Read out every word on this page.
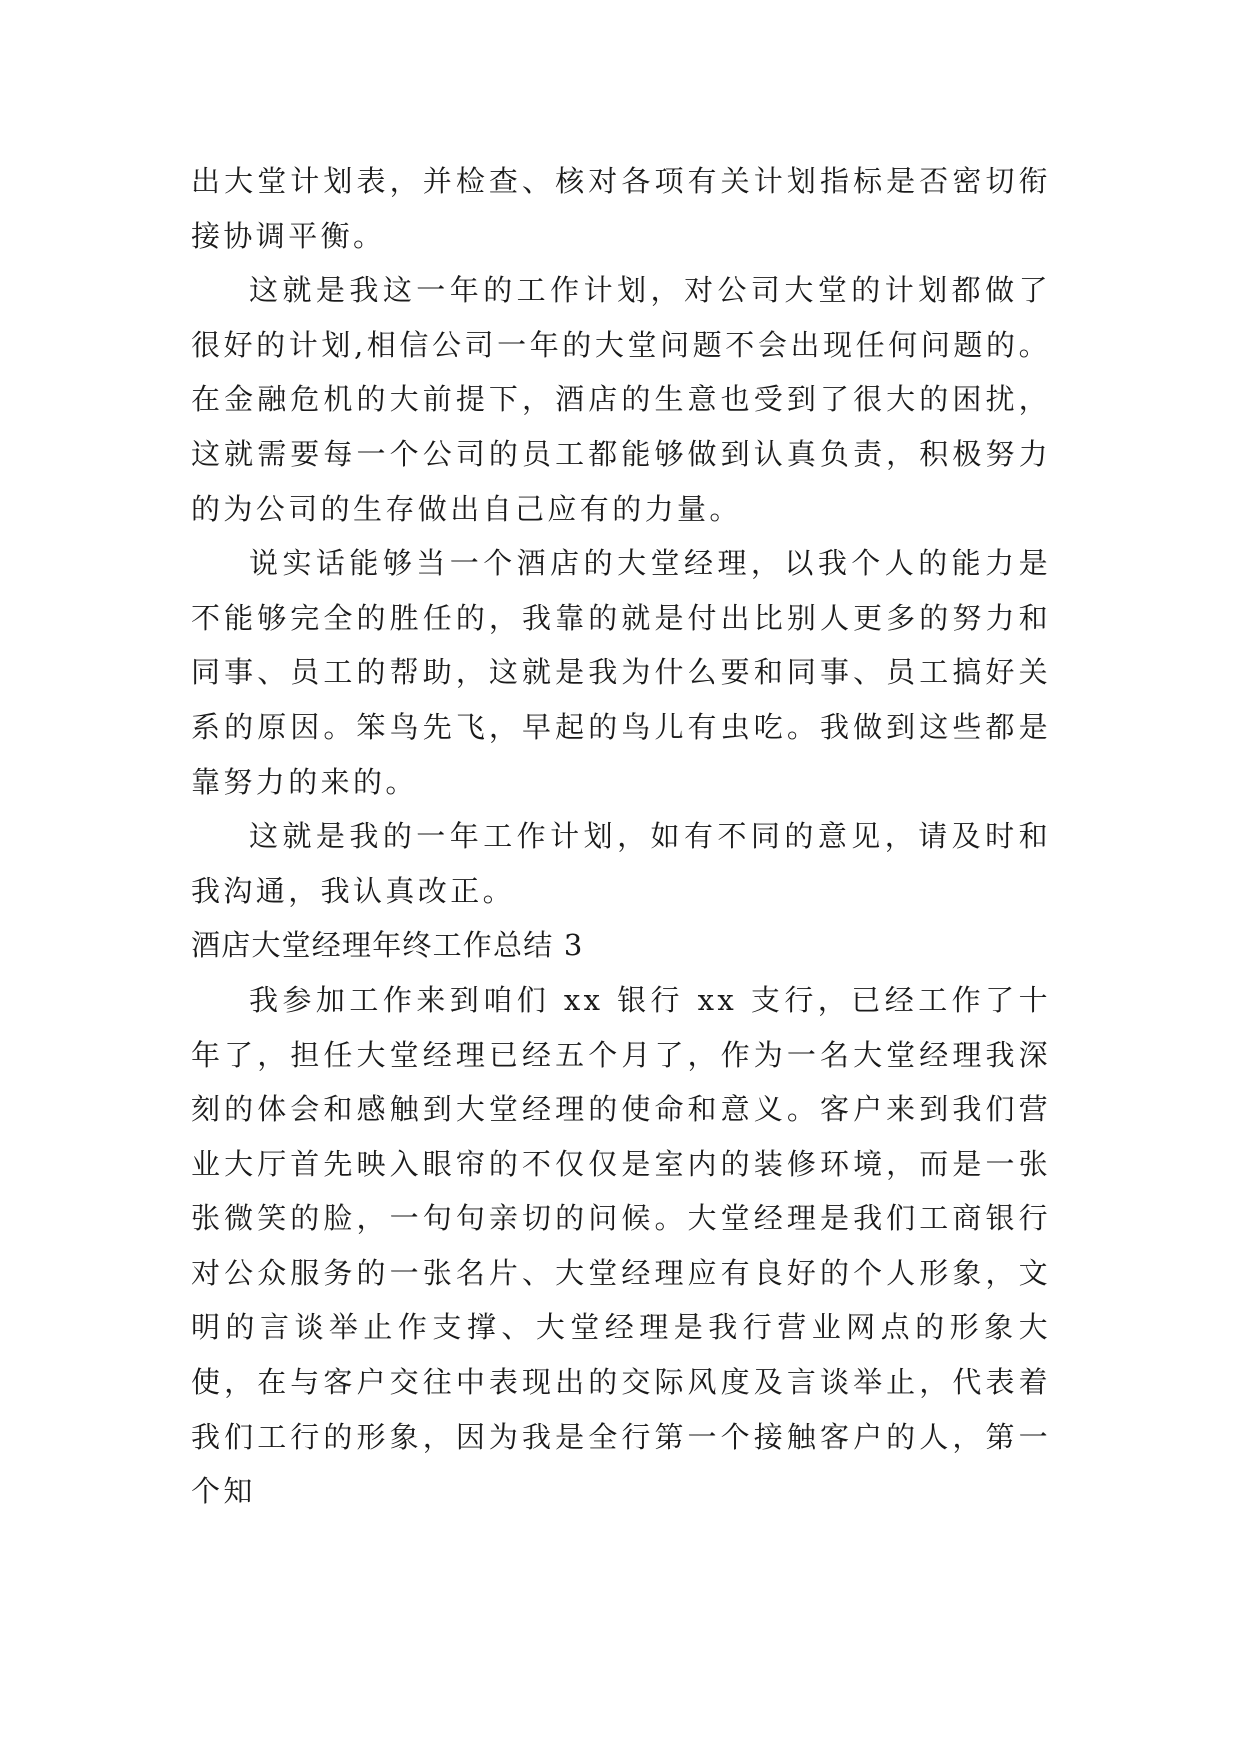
出大堂计划表，并检查、核对各项有关计划指标是否密切衔接协调平衡。

这就是我这一年的工作计划，对公司大堂的计划都做了很好的计划,相信公司一年的大堂问题不会出现任何问题的。在金融危机的大前提下，酒店的生意也受到了很大的困扰，这就需要每一个公司的员工都能够做到认真负责，积极努力的为公司的生存做出自己应有的力量。

说实话能够当一个酒店的大堂经理，以我个人的能力是不能够完全的胜任的，我靠的就是付出比别人更多的努力和同事、员工的帮助，这就是我为什么要和同事、员工搞好关系的原因。笨鸟先飞，早起的鸟儿有虫吃。我做到这些都是靠努力的来的。

这就是我的一年工作计划，如有不同的意见，请及时和我沟通，我认真改正。

酒店大堂经理年终工作总结 3

我参加工作来到咱们 xx 银行 xx 支行，已经工作了十年了，担任大堂经理已经五个月了，作为一名大堂经理我深刻的体会和感触到大堂经理的使命和意义。客户来到我们营业大厅首先映入眼帘的不仅仅是室内的装修环境，而是一张张微笑的脸，一句句亲切的问候。大堂经理是我们工商银行对公众服务的一张名片、大堂经理应有良好的个人形象，文明的言谈举止作支撑、大堂经理是我行营业网点的形象大使，在与客户交往中表现出的交际风度及言谈举止，代表着我们工行的形象，因为我是全行第一个接触客户的人，第一个知
